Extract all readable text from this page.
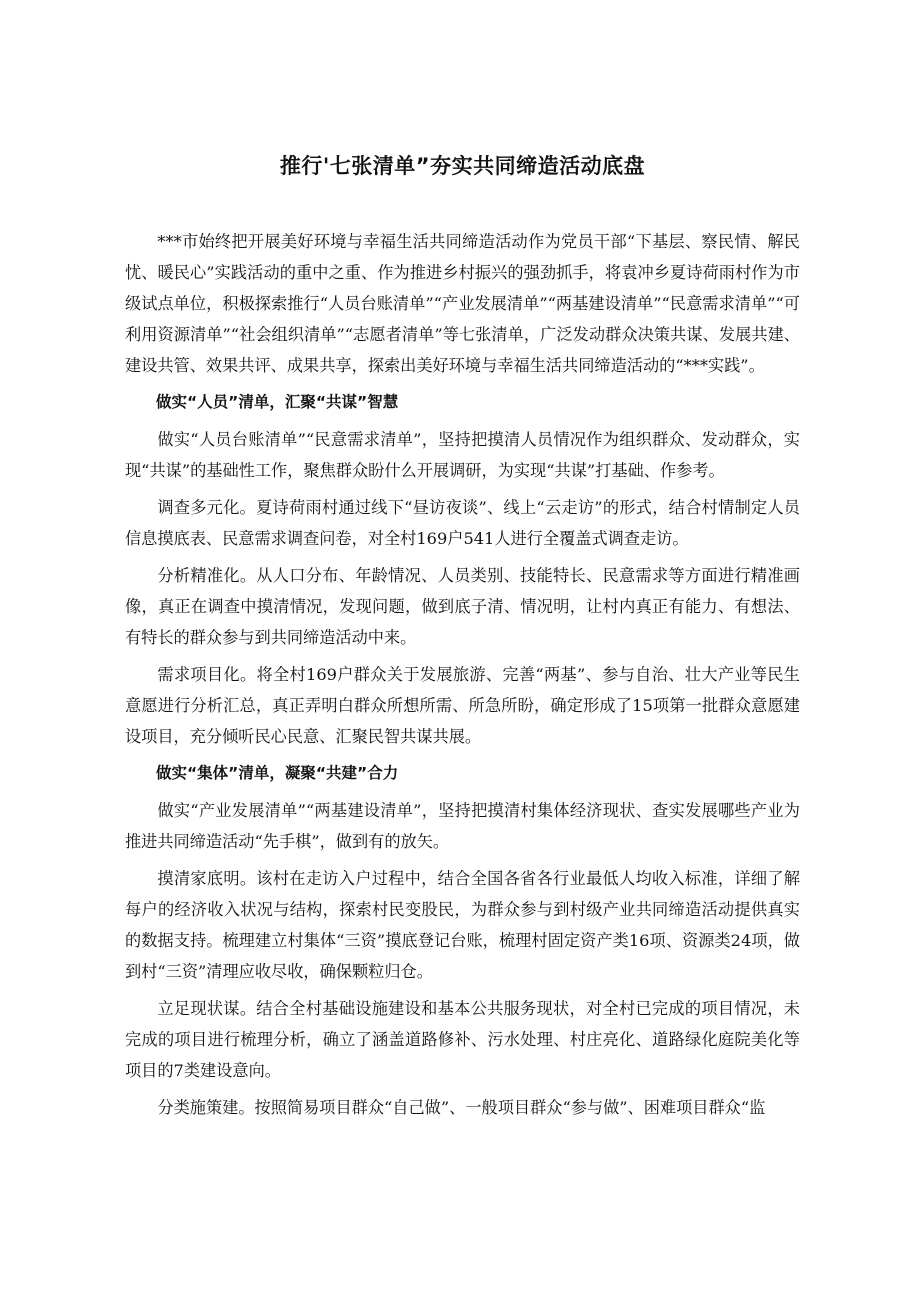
推行'七张清单”夯实共同缔造活动底盘

***市始终把开展美好环境与幸福生活共同缔造活动作为党员干部“下基层、察民情、解民忧、暖民心”实践活动的重中之重、作为推进乡村振兴的强劲抓手，将袁冲乡夏诗荷雨村作为市级试点单位，积极探索推行“人员台账清单”“产业发展清单”“两基建设清单”“民意需求清单”“可利用资源清单”“社会组织清单”“志愿者清单”等七张清单，广泛发动群众决策共谋、发展共建、建设共管、效果共评、成果共享，探索出美好环境与幸福生活共同缔造活动的“***实践”。

做实“人员”清单，汇聚“共谋”智慧

做实“人员台账清单”“民意需求清单”，坚持把摸清人员情况作为组织群众、发动群众，实现“共谋”的基础性工作，聚焦群众盼什么开展调研，为实现“共谋”打基础、作参考。

调查多元化。夏诗荷雨村通过线下“昼访夜谈”、线上“云走访”的形式，结合村情制定人员信息摸底表、民意需求调查问卷，对全村169户541人进行全覆盖式调查走访。

分析精准化。从人口分布、年龄情况、人员类别、技能特长、民意需求等方面进行精准画像，真正在调查中摸清情况，发现问题，做到底子清、情况明，让村内真正有能力、有想法、有特长的群众参与到共同缔造活动中来。

需求项目化。将全村169户群众关于发展旅游、完善“两基”、参与自治、壮大产业等民生意愿进行分析汇总，真正弄明白群众所想所需、所急所盼，确定形成了15项第一批群众意愿建设项目，充分倾听民心民意、汇聚民智共谋共展。

做实“集体”清单，凝聚“共建”合力

做实“产业发展清单”“两基建设清单”，坚持把摸清村集体经济现状、查实发展哪些产业为推进共同缔造活动“先手棋”，做到有的放矢。

摸清家底明。该村在走访入户过程中，结合全国各省各行业最低人均收入标准，详细了解每户的经济收入状况与结构，探索村民变股民，为群众参与到村级产业共同缔造活动提供真实的数据支持。梳理建立村集体“三资”摸底登记台账，梳理村固定资产类16项、资源类24项，做到村“三资”清理应收尽收，确保颗粒归仓。

立足现状谋。结合全村基础设施建设和基本公共服务现状，对全村已完成的项目情况，未完成的项目进行梳理分析，确立了涵盖道路修补、污水处理、村庄亮化、道路绿化庭院美化等项目的7类建设意向。

分类施策建。按照简易项目群众“自己做”、一般项目群众“参与做”、困难项目群众“监
